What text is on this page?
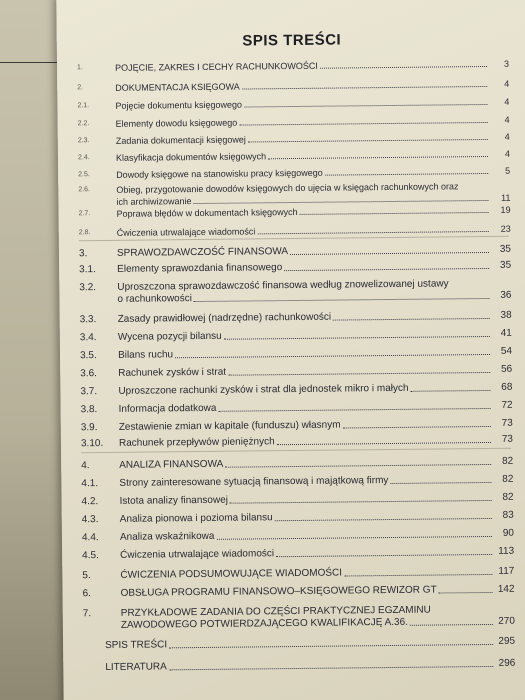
SPIS TREŚCI
1.	POJĘCIE, ZAKRES I CECHY RACHUNKOWOŚCI	3
2.	DOKUMENTACJA KSIĘGOWA	4
2.1.	Pojęcie dokumentu księgowego	4
2.2.	Elementy dowodu księgowego	4
2.3.	Zadania dokumentacji księgowej	4
2.4.	Klasyfikacja dokumentów księgowych	4
2.5.	Dowody księgowe na stanowisku pracy księgowego	5
2.6.	Obieg, przygotowanie dowodów księgowych do ujęcia w księgach rachunkowych oraz
ich archiwizowanie	11
2.7.	Poprawa błędów w dokumentach księgowych	19
2.8.	Ćwiczenia utrwalające wiadomości	23
3.	SPRAWOZDAWCZOŚĆ FINANSOWA	35
3.1.	Elementy sprawozdania finansowego	35
3.2.	Uproszczona sprawozdawczość finansowa według znowelizowanej ustawy
o rachunkowości	36
3.3.	Zasady prawidłowej (nadrzędne) rachunkowości	38
3.4.	Wycena pozycji bilansu	41
3.5.	Bilans ruchu	54
3.6.	Rachunek zysków i strat	56
3.7.	Uproszczone rachunki zysków i strat dla jednostek mikro i małych	68
3.8.	Informacja dodatkowa	72
3.9.	Zestawienie zmian w kapitale (funduszu) własnym	73
3.10.	Rachunek przepływów pieniężnych	73
4.	ANALIZA FINANSOWA	82
4.1.	Strony zainteresowane sytuacją finansową i majątkową firmy	82
4.2.	Istota analizy finansowej	82
4.3.	Analiza pionowa i pozioma bilansu	83
4.4.	Analiza wskaźnikowa	90
4.5.	Ćwiczenia utrwalające wiadomości	113
5.	ĆWICZENIA PODSUMOWUJĄCE WIADOMOŚCI	117
6.	OBSŁUGA PROGRAMU FINANSOWO–KSIĘGOWEGO REWIZOR GT	142
7.	PRZYKŁADOWE ZADANIA DO CZĘŚCI PRAKTYCZNEJ EGZAMINU
ZAWODOWEGO POTWIERDZAJĄCEGO KWALIFIKACJĘ A.36.	270
SPIS TREŚCI	295
LITERATURA	296
